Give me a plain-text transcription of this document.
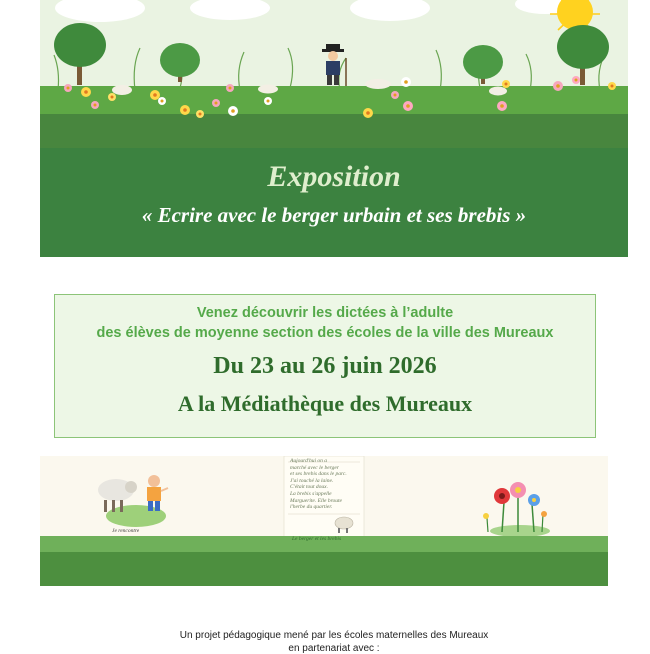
Exposition
« Ecrire avec le berger urbain et ses brebis »
Venez découvrir les dictées à l’adulte
des élèves de moyenne section des écoles de la ville des Mureaux
Du 23 au 26 juin 2026
A la Médiathèque des Mureaux
Aujourd'hui on a
marché avec le berger
et ses brebis dans le parc.
J'ai touché la laine.
C'était tout doux.
La brebis s'appelle
Marguerite. Elle broute
l'herbe du quartier.
Je rencontre
Le berger et les brebis
Un projet pédagogique mené par les écoles maternelles des Mureaux
en partenariat avec :
